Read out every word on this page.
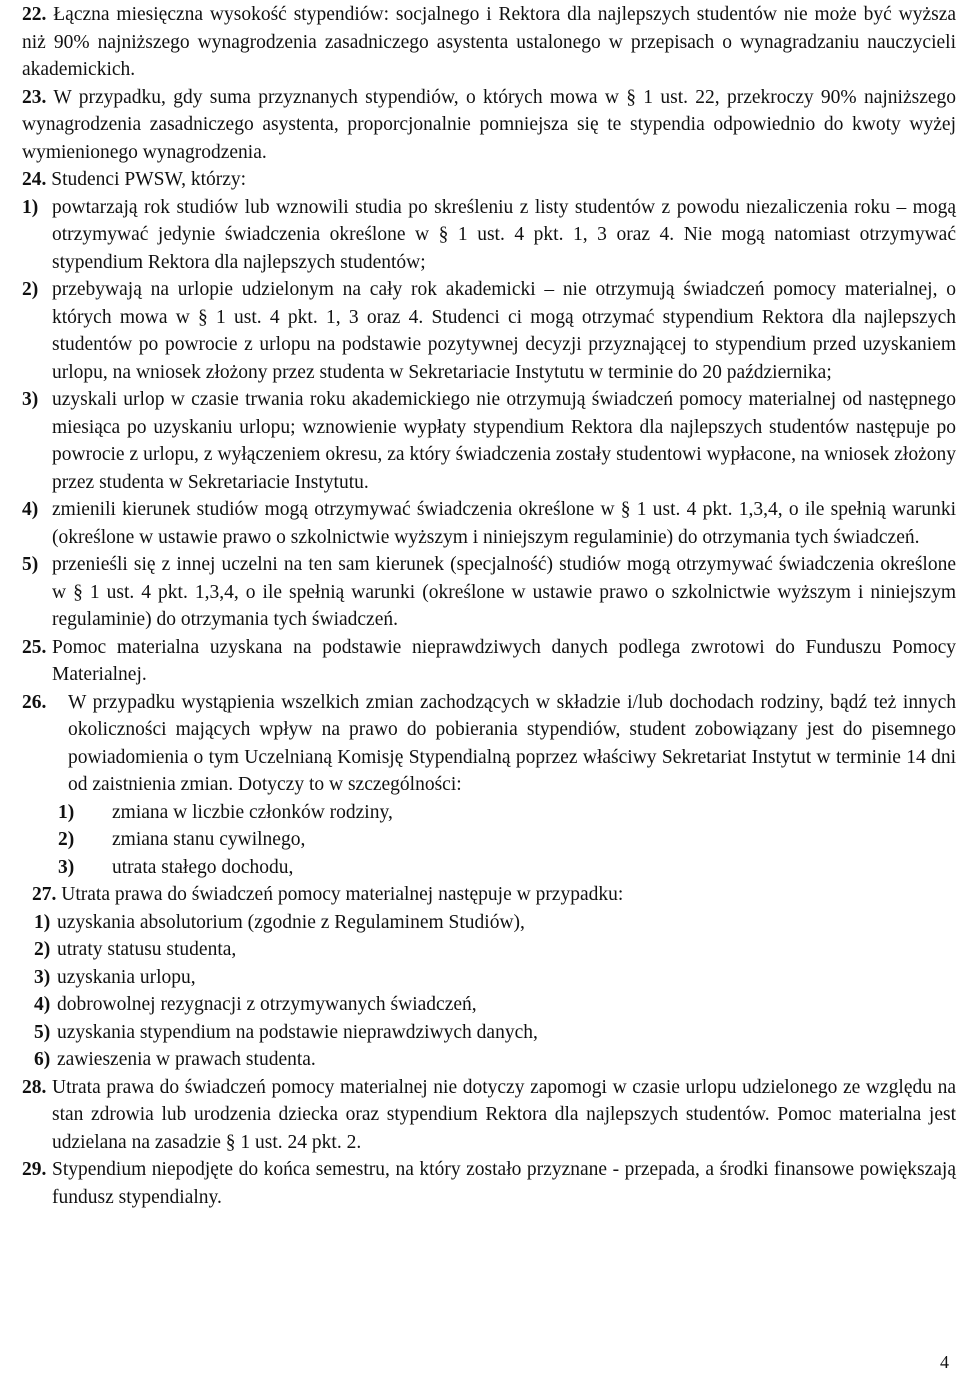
22. Łączna miesięczna wysokość stypendiów: socjalnego i Rektora dla najlepszych studentów nie może być wyższa niż 90% najniższego wynagrodzenia zasadniczego asystenta ustalonego w przepisach o wynagradzaniu nauczycieli akademickich.
23. W przypadku, gdy suma przyznanych stypendiów, o których mowa w § 1 ust. 22, przekroczy 90% najniższego wynagrodzenia zasadniczego asystenta, proporcjonalnie pomniejsza się te stypendia odpowiednio do kwoty wyżej wymienionego wynagrodzenia.
24. Studenci PWSW, którzy:
1) powtarzają rok studiów lub wznowili studia po skreśleniu z listy studentów z powodu niezaliczenia roku – mogą otrzymywać jedynie świadczenia określone w § 1 ust. 4 pkt. 1, 3 oraz 4. Nie mogą natomiast otrzymywać stypendium Rektora dla najlepszych studentów;
2) przebywają na urlopie udzielonym na cały rok akademicki – nie otrzymują świadczeń pomocy materialnej, o których mowa w § 1 ust. 4 pkt. 1, 3 oraz 4. Studenci ci mogą otrzymać stypendium Rektora dla najlepszych studentów po powrocie z urlopu na podstawie pozytywnej decyzji przyznającej to stypendium przed uzyskaniem urlopu, na wniosek złożony przez studenta w Sekretariacie Instytutu w terminie do 20 października;
3) uzyskali urlop w czasie trwania roku akademickiego nie otrzymują świadczeń pomocy materialnej od następnego miesiąca po uzyskaniu urlopu; wznowienie wypłaty stypendium Rektora dla najlepszych studentów następuje po powrocie z urlopu, z wyłączeniem okresu, za który świadczenia zostały studentowi wypłacone, na wniosek złożony przez studenta w Sekretariacie Instytutu.
4) zmienili kierunek studiów mogą otrzymywać świadczenia określone w § 1 ust. 4 pkt. 1,3,4, o ile spełnią warunki (określone w ustawie prawo o szkolnictwie wyższym i niniejszym regulaminie) do otrzymania tych świadczeń.
5) przenieśli się z innej uczelni na ten sam kierunek (specjalność) studiów mogą otrzymywać świadczenia określone w § 1 ust. 4 pkt. 1,3,4, o ile spełnią warunki (określone w ustawie prawo o szkolnictwie wyższym i niniejszym regulaminie) do otrzymania tych świadczeń.
25. Pomoc materialna uzyskana na podstawie nieprawdziwych danych podlega zwrotowi do Funduszu Pomocy Materialnej.
26. W przypadku wystąpienia wszelkich zmian zachodzących w składzie i/lub dochodach rodziny, bądź też innych okoliczności mających wpływ na prawo do pobierania stypendiów, student zobowiązany jest do pisemnego powiadomienia o tym Uczelnianą Komisję Stypendialną poprzez właściwy Sekretariat Instytut w terminie 14 dni od zaistnienia zmian. Dotyczy to w szczególności:
1) zmiana w liczbie członków rodziny,
2) zmiana stanu cywilnego,
3) utrata stałego dochodu,
27. Utrata prawa do świadczeń pomocy materialnej następuje w przypadku:
1) uzyskania absolutorium (zgodnie z Regulaminem Studiów),
2) utraty statusu studenta,
3) uzyskania urlopu,
4) dobrowolnej rezygnacji z otrzymywanych świadczeń,
5) uzyskania stypendium na podstawie nieprawdziwych danych,
6) zawieszenia w prawach studenta.
28. Utrata prawa do świadczeń pomocy materialnej nie dotyczy zapomogi w czasie urlopu udzielonego ze względu na stan zdrowia lub urodzenia dziecka oraz stypendium Rektora dla najlepszych studentów. Pomoc materialna jest udzielana na zasadzie § 1 ust. 24 pkt. 2.
29. Stypendium niepodjęte do końca semestru, na który zostało przyznane - przepada, a środki finansowe powiększają fundusz stypendialny.
4
